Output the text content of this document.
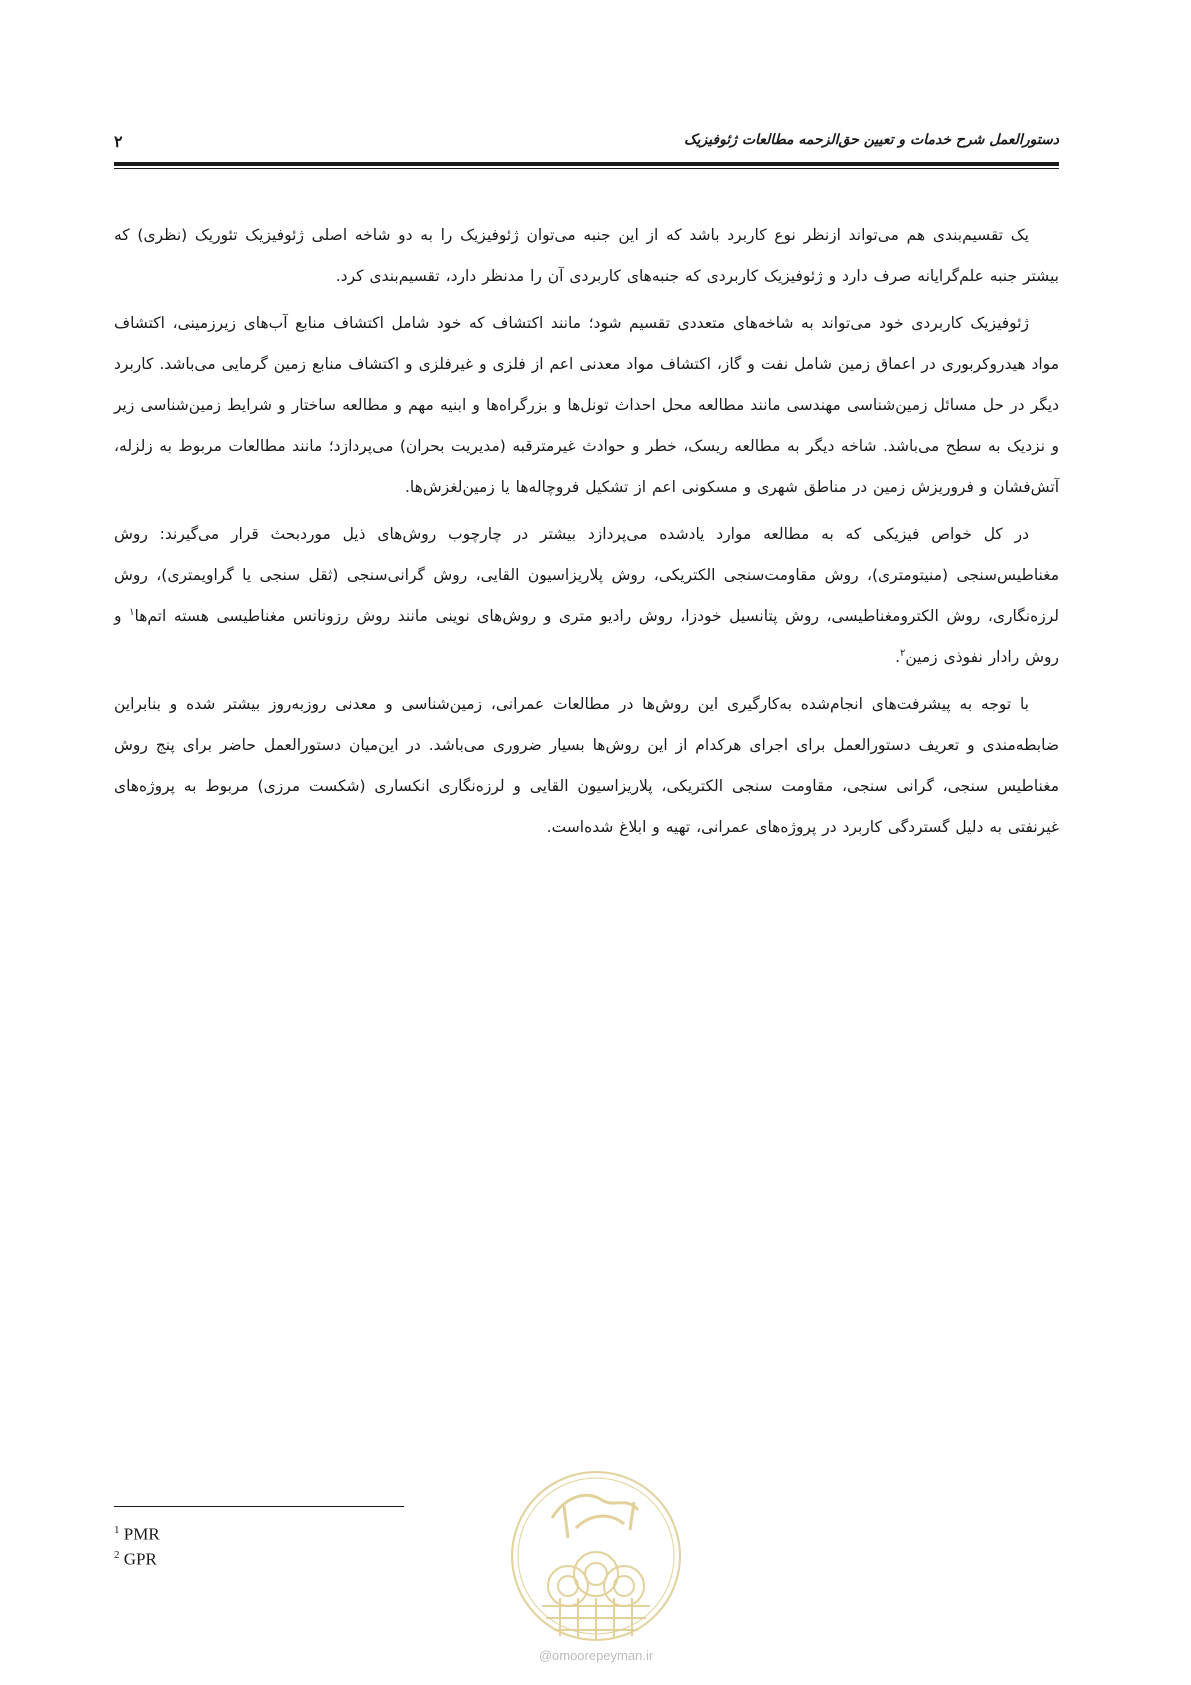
دستورالعمل شرح خدمات و تعیین حق‌الزحمه مطالعات ژئوفیزیک
۲

یک تقسیم‌بندی هم می‌تواند ازنظر نوع کاربرد باشد که از این جنبه می‌توان ژئوفیزیک را به دو شاخه اصلی ژئوفیزیک تئوریک (نظری) که بیشتر جنبه علم‌گرایانه صرف دارد و ژئوفیزیک کاربردی که جنبه‌های کاربردی آن را مدنظر دارد، تقسیم‌بندی کرد.

ژئوفیزیک کاربردی خود می‌تواند به شاخه‌های متعددی تقسیم شود؛ مانند اکتشاف که خود شامل اکتشاف منابع آب‌های زیرزمینی، اکتشاف مواد هیدروکربوری در اعماق زمین شامل نفت و گاز، اکتشاف مواد معدنی اعم از فلزی و غیرفلزی و اکتشاف منابع زمین گرمایی می‌باشد. کاربرد دیگر در حل مسائل زمین‌شناسی مهندسی مانند مطالعه محل احداث تونل‌ها و بزرگراه‌ها و ابنیه مهم و مطالعه ساختار و شرایط زمین‌شناسی زیر و نزدیک به سطح می‌باشد. شاخه دیگر به مطالعه ریسک، خطر و حوادث غیرمترقبه (مدیریت بحران) می‌پردازد؛ مانند مطالعات مربوط به زلزله، آتش‌فشان و فروریزش زمین در مناطق شهری و مسکونی اعم از تشکیل فروچاله‌ها یا زمین‌لغزش‌ها.

در کل خواص فیزیکی که به مطالعه موارد یادشده می‌پردازد بیشتر در چارچوب روش‌های ذیل موردبحث قرار می‌گیرند: روش مغناطیس‌سنجی (منیتومتری)، روش مقاومت‌سنجی الکتریکی، روش پلاریزاسیون القایی، روش گرانی‌سنجی (ثقل سنجی یا گراویمتری)، روش لرزه‌نگاری، روش الکترومغناطیسی، روش پتانسیل خودزا، روش رادیو متری و روش‌های نوینی مانند روش رزونانس مغناطیسی هسته اتم‌ها$^۱$ و روش رادار نفوذی زمین$^۲$.

با توجه به پیشرفت‌های انجام‌شده به‌کارگیری این روش‌ها در مطالعات عمرانی، زمین‌شناسی و معدنی روزبه‌روز بیشتر شده و بنابراین ضابطه‌مندی و تعریف دستورالعمل برای اجرای هرکدام از این روش‌ها بسیار ضروری می‌باشد. در این‌میان دستورالعمل حاضر برای پنج روش مغناطیس سنجی، گرانی سنجی، مقاومت سنجی الکتریکی، پلاریزاسیون القایی و لرزه‌نگاری انکساری (شکست مرزی) مربوط به پروژه‌های غیرنفتی به دلیل گستردگی کاربرد در پروژه‌های عمرانی، تهیه و ابلاغ شده‌است.

@omoorepeyman.ir
$^1$ PMR
$^2$ GPR
